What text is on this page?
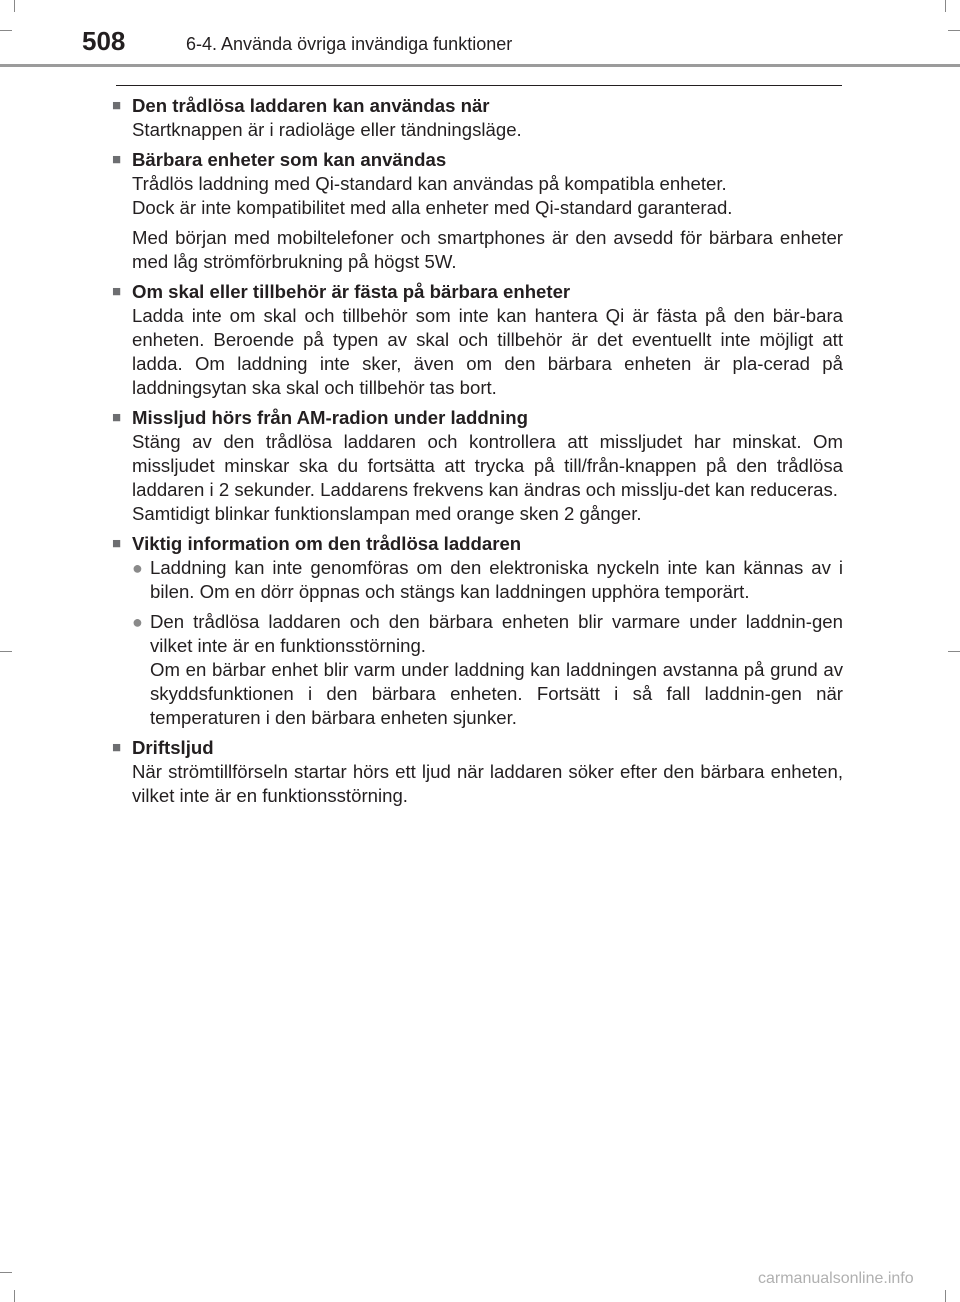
508	6-4. Använda övriga invändiga funktioner
■ Den trådlösa laddaren kan användas när

Startknappen är i radioläge eller tändningsläge.

■ Bärbara enheter som kan användas

Trådlös laddning med Qi-standard kan användas på kompatibla enheter.
Dock är inte kompatibilitet med alla enheter med Qi-standard garanterad.

Med början med mobiltelefoner och smartphones är den avsedd för bärbara enheter med låg strömförbrukning på högst 5W.

■ Om skal eller tillbehör är fästa på bärbara enheter

Ladda inte om skal och tillbehör som inte kan hantera Qi är fästa på den bär-bara enheten. Beroende på typen av skal och tillbehör är det eventuellt inte möjligt att ladda. Om laddning inte sker, även om den bärbara enheten är pla-cerad på laddningsytan ska skal och tillbehör tas bort.

■ Missljud hörs från AM-radion under laddning

Stäng av den trådlösa laddaren och kontrollera att missljudet har minskat. Om missljudet minskar ska du fortsätta att trycka på till/från-knappen på den trådlösa laddaren i 2 sekunder. Laddarens frekvens kan ändras och misslju-det kan reduceras.
Samtidigt blinkar funktionslampan med orange sken 2 gånger.

■ Viktig information om den trådlösa laddaren
● Laddning kan inte genomföras om den elektroniska nyckeln inte kan kännas av i bilen. Om en dörr öppnas och stängs kan laddningen upphöra temporärt.
● Den trådlösa laddaren och den bärbara enheten blir varmare under laddnin-gen vilket inte är en funktionsstörning.
Om en bärbar enhet blir varm under laddning kan laddningen avstanna på grund av skyddsfunktionen i den bärbara enheten. Fortsätt i så fall laddnin-gen när temperaturen i den bärbara enheten sjunker.
■ Driftsljud

När strömtillförseln startar hörs ett ljud när laddaren söker efter den bärbara enheten, vilket inte är en funktionsstörning.

carmanualsonline.info
